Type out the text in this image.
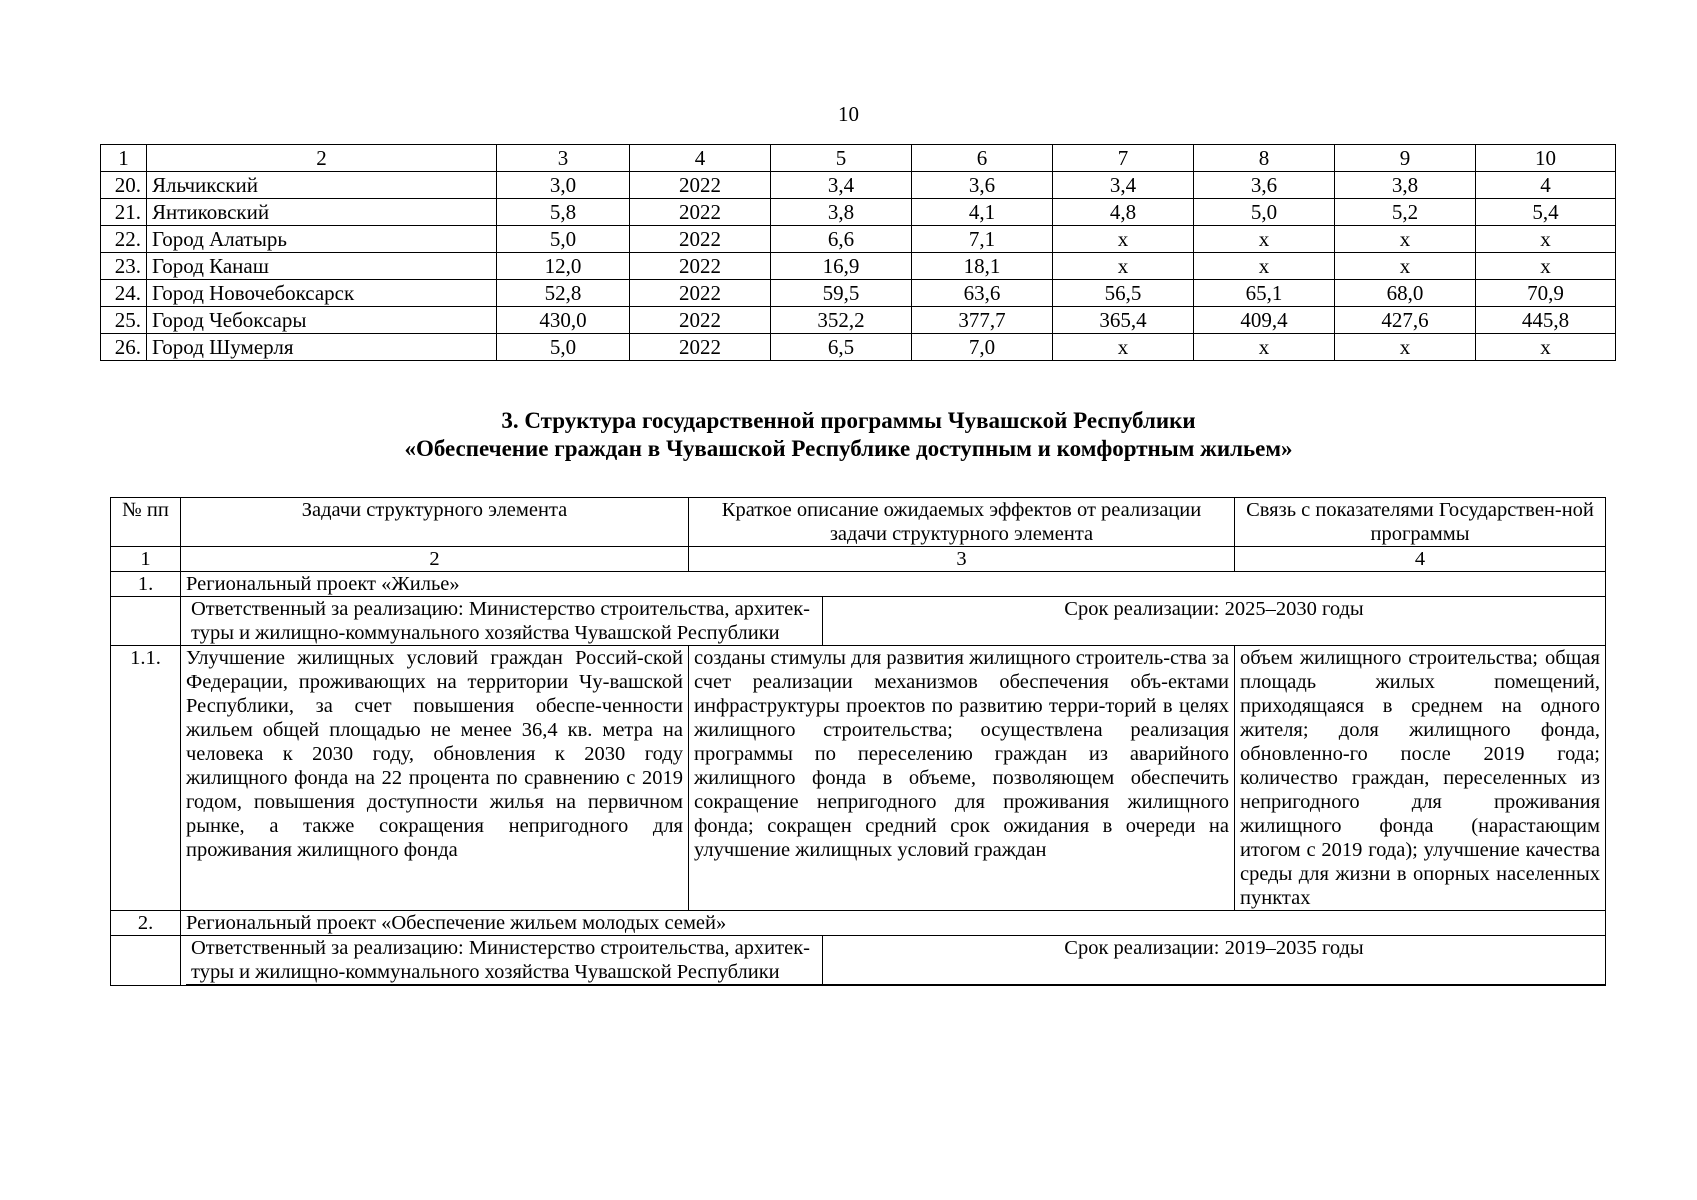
10
1	2	3	4	5	6	7	8	9	10
20.	Яльчикский	3,0	2022	3,4	3,6	3,4	3,6	3,8	4
21.	Янтиковский	5,8	2022	3,8	4,1	4,8	5,0	5,2	5,4
22.	Город Алатырь	5,0	2022	6,6	7,1	х	х	х	х
23.	Город Канаш	12,0	2022	16,9	18,1	х	х	х	х
24.	Город Новочебоксарск	52,8	2022	59,5	63,6	56,5	65,1	68,0	70,9
25.	Город Чебоксары	430,0	2022	352,2	377,7	365,4	409,4	427,6	445,8
26.	Город Шумерля	5,0	2022	6,5	7,0	х	х	х	х
3. Структура государственной программы Чувашской Республики
«Обеспечение граждан в Чувашской Республике доступным и комфортным жильем»
№ пп	Задачи структурного элемента	Краткое описание ожидаемых эффектов от реализации задачи структурного элемента	Связь с показателями Государствен-ной программы
1	2	3	4
1.	Региональный проект «Жилье»

Ответственный за реализацию: Министерство строительства, архитек-туры и жилищно-коммунального хозяйства Чувашской Республики	Срок реализации: 2025–2030 годы

1.1.	Улучшение жилищных условий граждан Россий-ской Федерации, проживающих на территории Чу-вашской Республики, за счет повышения обеспе-ченности жильем общей площадью не менее 36,4 кв. метра на человека к 2030 году, обновления к 2030 году жилищного фонда на 22 процента по сравнению с 2019 годом, повышения доступности жилья на первичном рынке, а также сокращения непригодного для проживания жилищного фонда	созданы стимулы для развития жилищного строитель-ства за счет реализации механизмов обеспечения объ-ектами инфраструктуры проектов по развитию терри-торий в целях жилищного строительства; осуществлена реализация программы по переселению граждан из аварийного жилищного фонда в объеме, позволяющем обеспечить сокращение непригодного для проживания жилищного фонда; сокращен средний срок ожидания в очереди на улучшение жилищных условий граждан	объем жилищного строительства; общая площадь жилых помещений, приходящаяся в среднем на одного жителя; доля жилищного фонда, обновленно-го после 2019 года; количество граждан, переселенных из непригодного для проживания жилищного фонда (нарастающим итогом с 2019 года); улучшение качества среды для жизни в опорных населенных пунктах
2.	Региональный проект «Обеспечение жильем молодых семей»

Ответственный за реализацию: Министерство строительства, архитек-туры и жилищно-коммунального хозяйства Чувашской Республики	Срок реализации: 2019–2035 годы
